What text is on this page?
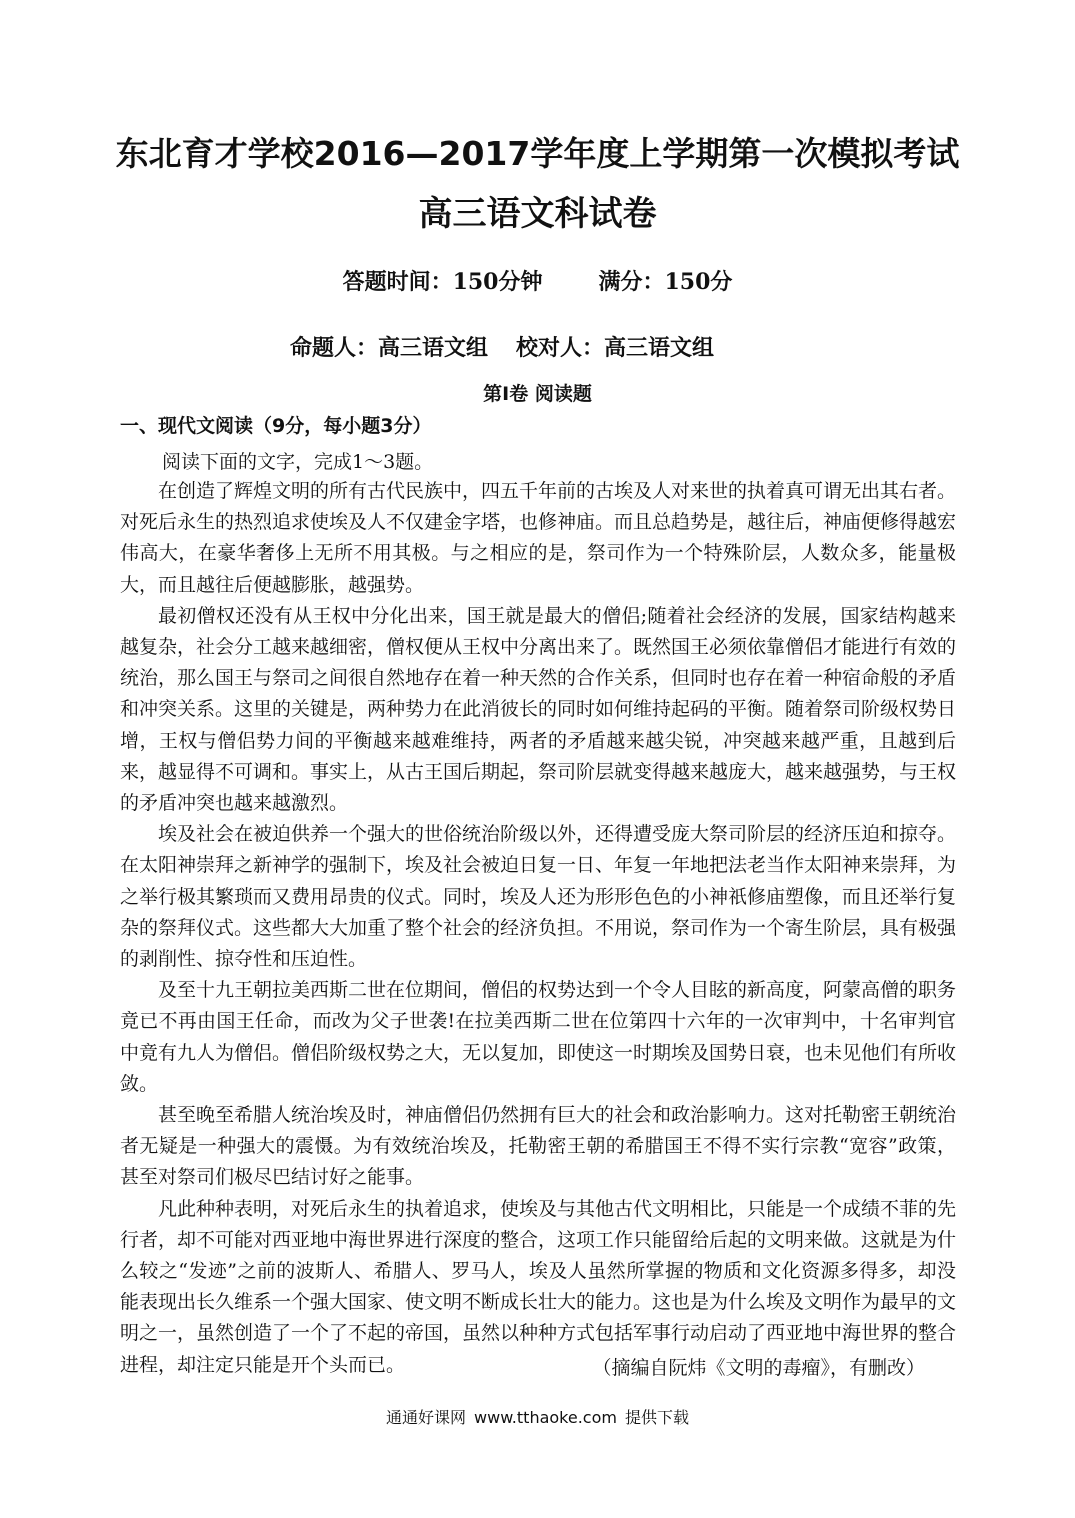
东北育才学校2016—2017学年度上学期第一次模拟考试
高三语文科试卷
答题时间：150分钟	满分：150分
命题人：高三语文组 校对人：高三语文组
第Ⅰ卷 阅读题
一、现代文阅读（9分，每小题3分）
阅读下面的文字，完成1～3题。

在创造了辉煌文明的所有古代民族中，四五千年前的古埃及人对来世的执着真可谓无出其右者。对死后永生的热烈追求使埃及人不仅建金字塔，也修神庙。而且总趋势是，越往后，神庙便修得越宏伟高大，在豪华奢侈上无所不用其极。与之相应的是，祭司作为一个特殊阶层，人数众多，能量极大，而且越往后便越膨胀，越强势。

最初僧权还没有从王权中分化出来，国王就是最大的僧侣;随着社会经济的发展，国家结构越来越复杂，社会分工越来越细密，僧权便从王权中分离出来了。既然国王必须依靠僧侣才能进行有效的统治，那么国王与祭司之间很自然地存在着一种天然的合作关系，但同时也存在着一种宿命般的矛盾和冲突关系。这里的关键是，两种势力在此消彼长的同时如何维持起码的平衡。随着祭司阶级权势日增，王权与僧侣势力间的平衡越来越难维持，两者的矛盾越来越尖锐，冲突越来越严重，且越到后来，越显得不可调和。事实上，从古王国后期起，祭司阶层就变得越来越庞大，越来越强势，与王权的矛盾冲突也越来越激烈。

埃及社会在被迫供养一个强大的世俗统治阶级以外，还得遭受庞大祭司阶层的经济压迫和掠夺。在太阳神崇拜之新神学的强制下，埃及社会被迫日复一日、年复一年地把法老当作太阳神来崇拜，为之举行极其繁琐而又费用昂贵的仪式。同时，埃及人还为形形色色的小神祇修庙塑像，而且还举行复杂的祭拜仪式。这些都大大加重了整个社会的经济负担。不用说，祭司作为一个寄生阶层，具有极强的剥削性、掠夺性和压迫性。

及至十九王朝拉美西斯二世在位期间，僧侣的权势达到一个令人目眩的新高度，阿蒙高僧的职务竟已不再由国王任命，而改为父子世袭!在拉美西斯二世在位第四十六年的一次审判中，十名审判官中竟有九人为僧侣。僧侣阶级权势之大，无以复加，即使这一时期埃及国势日衰，也未见他们有所收敛。

甚至晚至希腊人统治埃及时，神庙僧侣仍然拥有巨大的社会和政治影响力。这对托勒密王朝统治者无疑是一种强大的震慑。为有效统治埃及，托勒密王朝的希腊国王不得不实行宗教“宽容”政策，甚至对祭司们极尽巴结讨好之能事。

凡此种种表明，对死后永生的执着追求，使埃及与其他古代文明相比，只能是一个成绩不菲的先行者，却不可能对西亚地中海世界进行深度的整合，这项工作只能留给后起的文明来做。这就是为什么较之“发迹”之前的波斯人、希腊人、罗马人，埃及人虽然所掌握的物质和文化资源多得多，却没能表现出长久维系一个强大国家、使文明不断成长壮大的能力。这也是为什么埃及文明作为最早的文明之一，虽然创造了一个了不起的帝国，虽然以种种方式包括军事行动启动了西亚地中海世界的整合进程，却注定只能是开个头而已。	（摘编自阮炜《文明的毒瘤》，有删改）
通通好课网 www.tthaoke.com 提供下载
